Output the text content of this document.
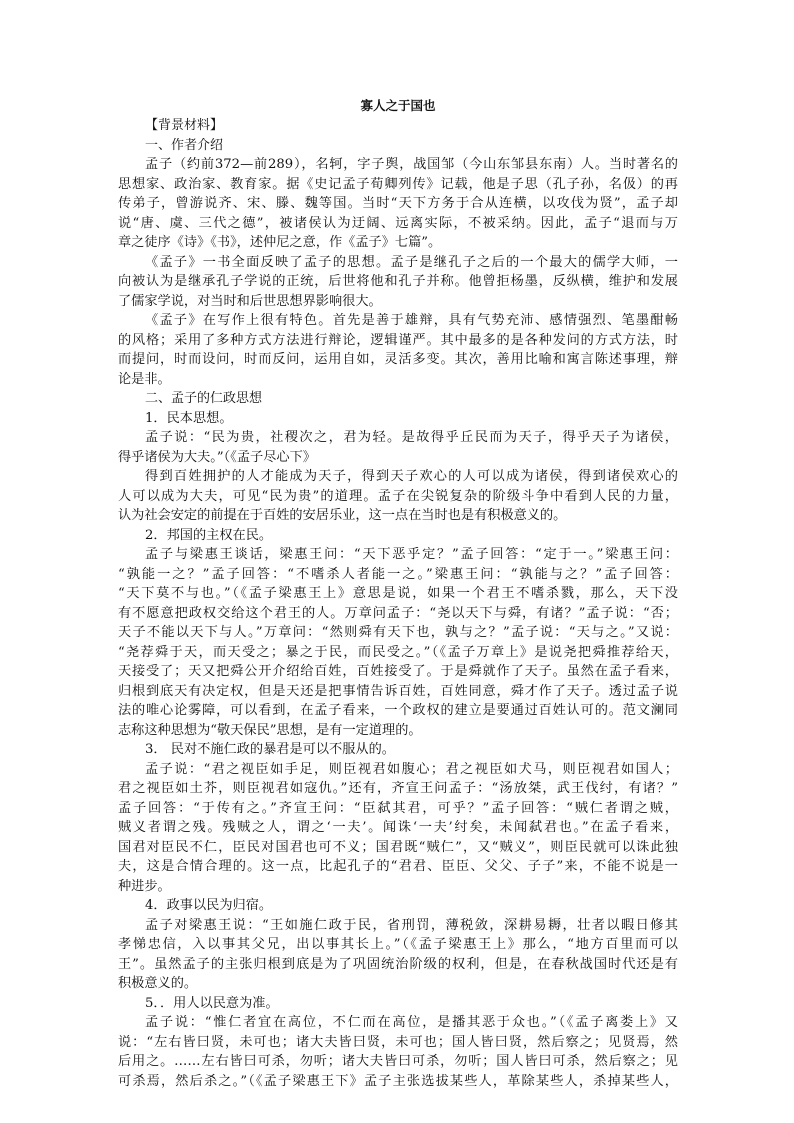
寡人之于国也
【背景材料】
一、作者介绍
孟子（约前372—前289），名轲，字子舆，战国邹（今山东邹县东南）人。当时著名的
思想家、政治家、教育家。据《史记孟子荀卿列传》记载，他是子思（孔子孙，名伋）的再
传弟子，曾游说齐、宋、滕、魏等国。当时“天下方务于合从连横，以攻伐为贤”，孟子却
说“唐、虞、三代之德”，被诸侯认为迂阔、远离实际，不被采纳。因此，孟子“退而与万
章之徒序《诗》《书》，述仲尼之意，作《孟子》七篇”。
《孟子》一书全面反映了孟子的思想。孟子是继孔子之后的一个最大的儒学大师，一
向被认为是继承孔子学说的正统，后世将他和孔子并称。他曾拒杨墨，反纵横，维护和发展
了儒家学说，对当时和后世思想界影响很大。
《孟子》在写作上很有特色。首先是善于雄辩，具有气势充沛、感情强烈、笔墨酣畅
的风格；采用了多种方式方法进行辩论，逻辑谨严。其中最多的是各种发问的方式方法，时
而提问，时而设问，时而反问，运用自如，灵活多变。其次，善用比喻和寓言陈述事理，辩
论是非。
二、孟子的仁政思想
1．民本思想。
孟子说：“民为贵，社稷次之，君为轻。是故得乎丘民而为天子，得乎天子为诸侯，
得乎诸侯为大夫。”（《孟子尽心下》
得到百姓拥护的人才能成为天子，得到天子欢心的人可以成为诸侯，得到诸侯欢心的
人可以成为大夫，可见“民为贵”的道理。孟子在尖锐复杂的阶级斗争中看到人民的力量，
认为社会安定的前提在于百姓的安居乐业，这一点在当时也是有积极意义的。
2．邦国的主权在民。
孟子与梁惠王谈话，梁惠王问：“天下恶乎定？”孟子回答：“定于一。”梁惠王问：
“孰能一之？”孟子回答：“不嗜杀人者能一之。”梁惠王问：“孰能与之？”孟子回答：
“天下莫不与也。”（《孟子梁惠王上》意思是说，如果一个君王不嗜杀戮，那么，天下没
有不愿意把政权交给这个君王的人。万章问孟子：“尧以天下与舜，有诸？”孟子说：“否；
天子不能以天下与人。”万章问：“然则舜有天下也，孰与之？”孟子说：“天与之。”又说：
“尧荐舜于天，而天受之；暴之于民，而民受之。”（《孟子万章上》是说尧把舜推荐给天，
天接受了；天又把舜公开介绍给百姓，百姓接受了。于是舜就作了天子。虽然在孟子看来，
归根到底天有决定权，但是天还是把事情告诉百姓，百姓同意，舜才作了天子。透过孟子说
法的唯心论雾障，可以看到，在孟子看来，一个政权的建立是要通过百姓认可的。范文澜同
志称这种思想为“敬天保民”思想，是有一定道理的。
3． 民对不施仁政的暴君是可以不服从的。
孟子说：“君之视臣如手足，则臣视君如腹心；君之视臣如犬马，则臣视君如国人；
君之视臣如土芥，则臣视君如寇仇。”还有，齐宣王问孟子：“汤放桀，武王伐纣，有诸？”
孟子回答：“于传有之。”齐宣王问：“臣弑其君，可乎？”孟子回答：“贼仁者谓之贼，
贼义者谓之残。残贼之人，谓之‘一夫’。闻诛‘一夫’纣矣，未闻弑君也。”在孟子看来，
国君对臣民不仁，臣民对国君也可不义；国君既“贼仁”，又“贼义”，则臣民就可以诛此独
夫，这是合情合理的。这一点，比起孔子的“君君、臣臣、父父、子子”来，不能不说是一
种进步。
4．政事以民为归宿。
孟子对梁惠王说：“王如施仁政于民，省刑罚，薄税敛，深耕易耨，壮者以暇日修其
孝悌忠信，入以事其父兄，出以事其长上。”（《孟子梁惠王上》那么，“地方百里而可以
王”。虽然孟子的主张归根到底是为了巩固统治阶级的权利，但是，在春秋战国时代还是有
积极意义的。
5．．用人以民意为准。
孟子说：“惟仁者宜在高位，不仁而在高位，是播其恶于众也。”（《孟子离娄上》又
说：“左右皆曰贤，未可也；诸大夫皆曰贤，未可也；国人皆曰贤，然后察之；见贤焉，然
后用之。……左右皆曰可杀，勿听；诸大夫皆曰可杀，勿听；国人皆曰可杀，然后察之；见
可杀焉，然后杀之。”（《孟子梁惠王下》孟子主张选拔某些人，革除某些人，杀掉某些人，
